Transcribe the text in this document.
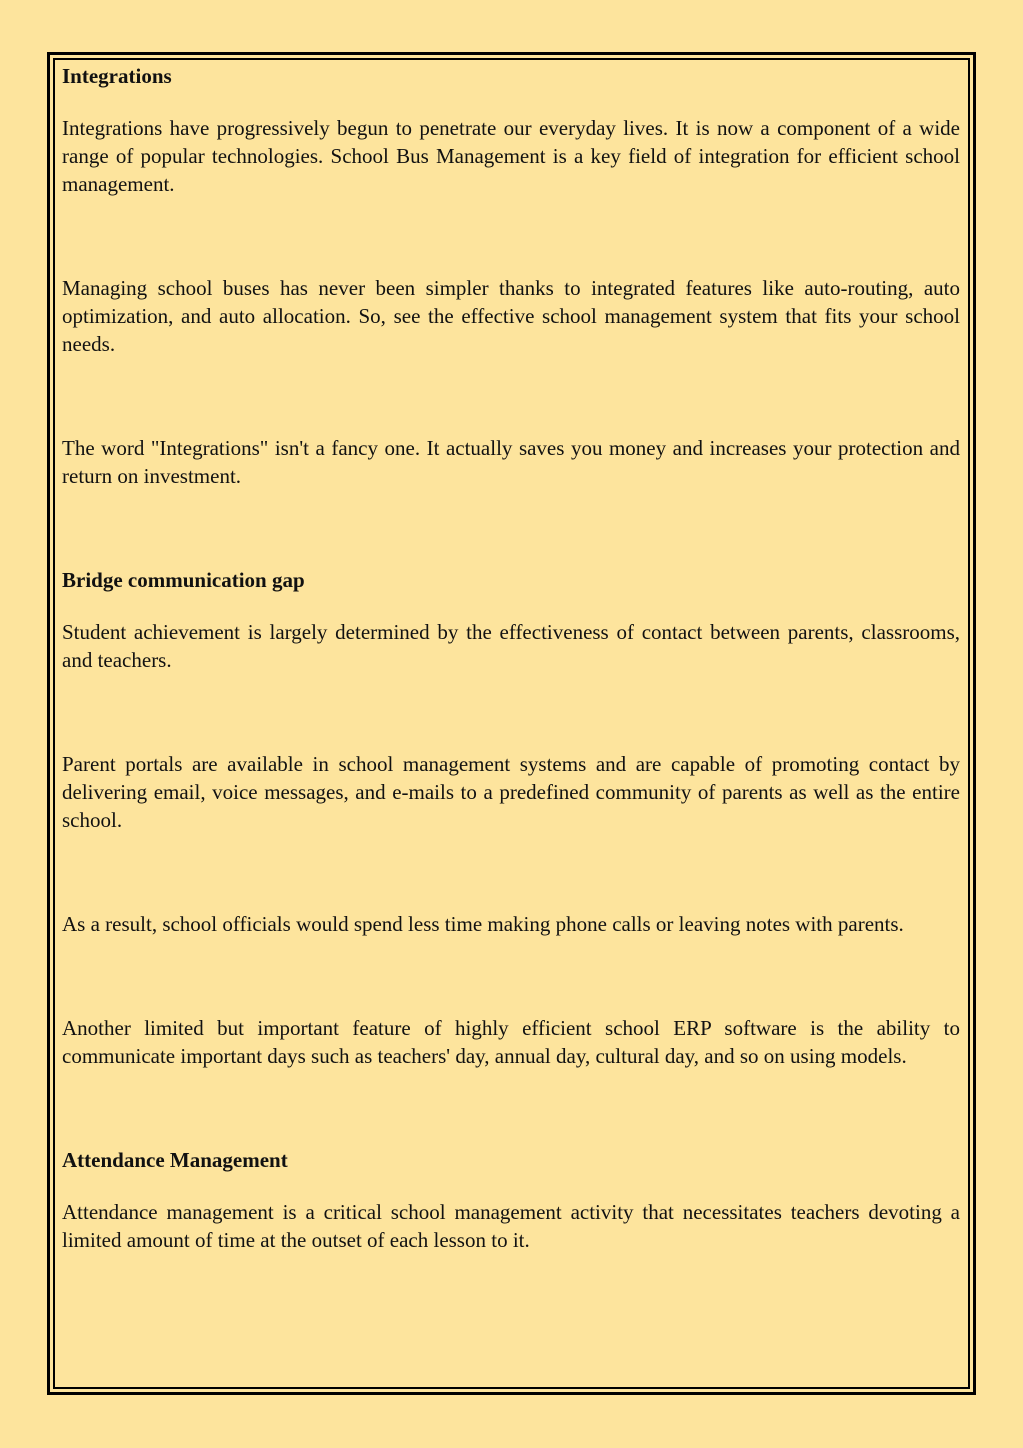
Integrations

Integrations have progressively begun to penetrate our everyday lives. It is now a component of a wide range of popular technologies. School Bus Management is a key field of integration for efficient school management.

Managing school buses has never been simpler thanks to integrated features like auto-routing, auto optimization, and auto allocation. So, see the effective school management system that fits your school needs.

The word "Integrations" isn't a fancy one. It actually saves you money and increases your protection and return on investment.

Bridge communication gap

Student achievement is largely determined by the effectiveness of contact between parents, classrooms, and teachers.

Parent portals are available in school management systems and are capable of promoting contact by delivering email, voice messages, and e-mails to a predefined community of parents as well as the entire school.

As a result, school officials would spend less time making phone calls or leaving notes with parents.

Another limited but important feature of highly efficient school ERP software is the ability to communicate important days such as teachers' day, annual day, cultural day, and so on using models.

Attendance Management

Attendance management is a critical school management activity that necessitates teachers devoting a limited amount of time at the outset of each lesson to it.
